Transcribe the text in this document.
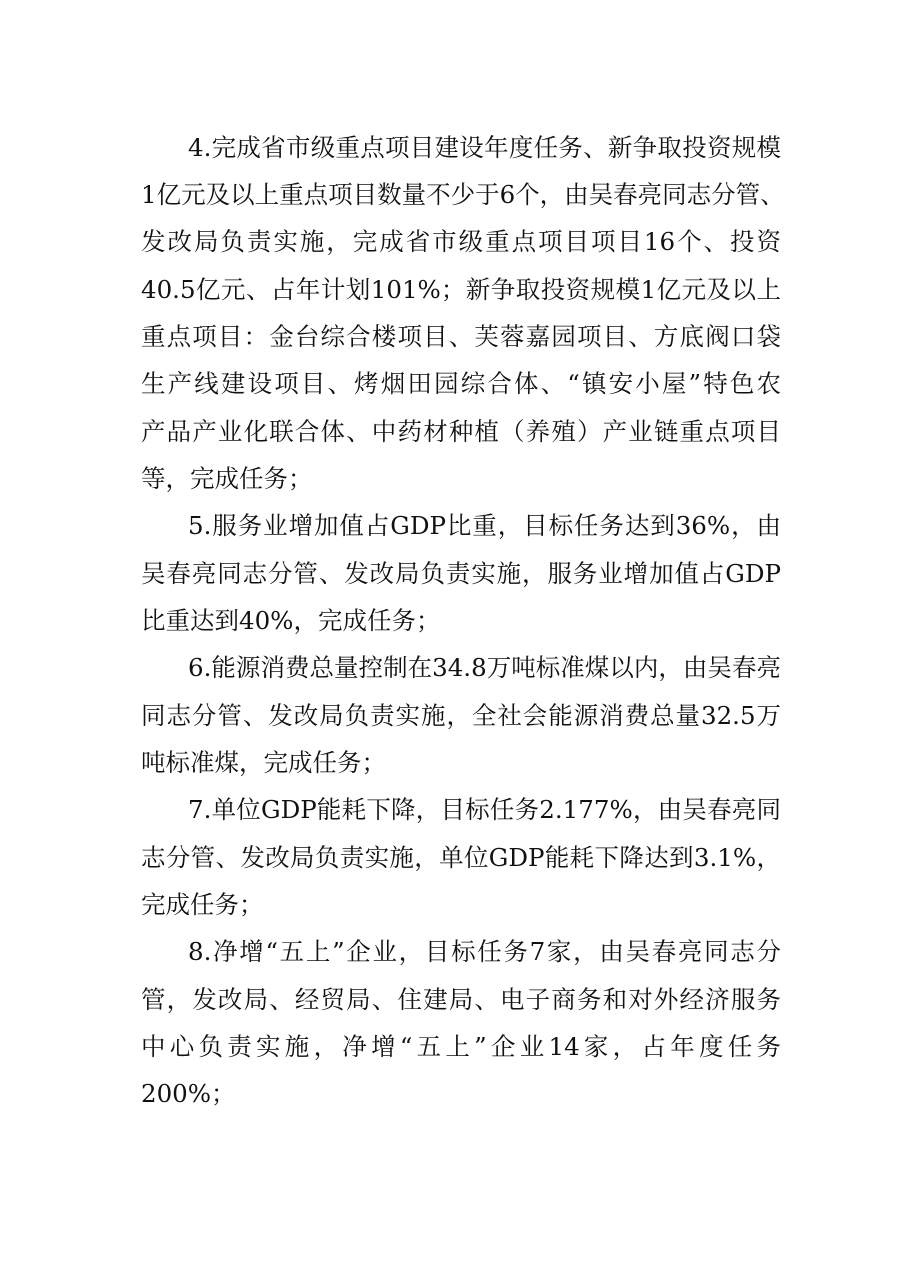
4.完成省市级重点项目建设年度任务、新争取投资规模
1亿元及以上重点项目数量不少于6个，由吴春亮同志分管、
发改局负责实施，完成省市级重点项目项目16个、投资
40.5亿元、占年计划101%；新争取投资规模1亿元及以上
重点项目：金台综合楼项目、芙蓉嘉园项目、方底阀口袋
生产线建设项目、烤烟田园综合体、“镇安小屋”特色农
产品产业化联合体、中药材种植（养殖）产业链重点项目
等，完成任务；
5.服务业增加值占GDP比重，目标任务达到36%，由
吴春亮同志分管、发改局负责实施，服务业增加值占GDP
比重达到40%，完成任务；
6.能源消费总量控制在34.8万吨标准煤以内，由吴春亮
同志分管、发改局负责实施，全社会能源消费总量32.5万
吨标准煤，完成任务；
7.单位GDP能耗下降，目标任务2.177%，由吴春亮同
志分管、发改局负责实施，单位GDP能耗下降达到3.1%，
完成任务；
8.净增“五上”企业，目标任务7家，由吴春亮同志分
管，发改局、经贸局、住建局、电子商务和对外经济服务
中心负责实施，净增“五上”企业14家，占年度任务
200%；
